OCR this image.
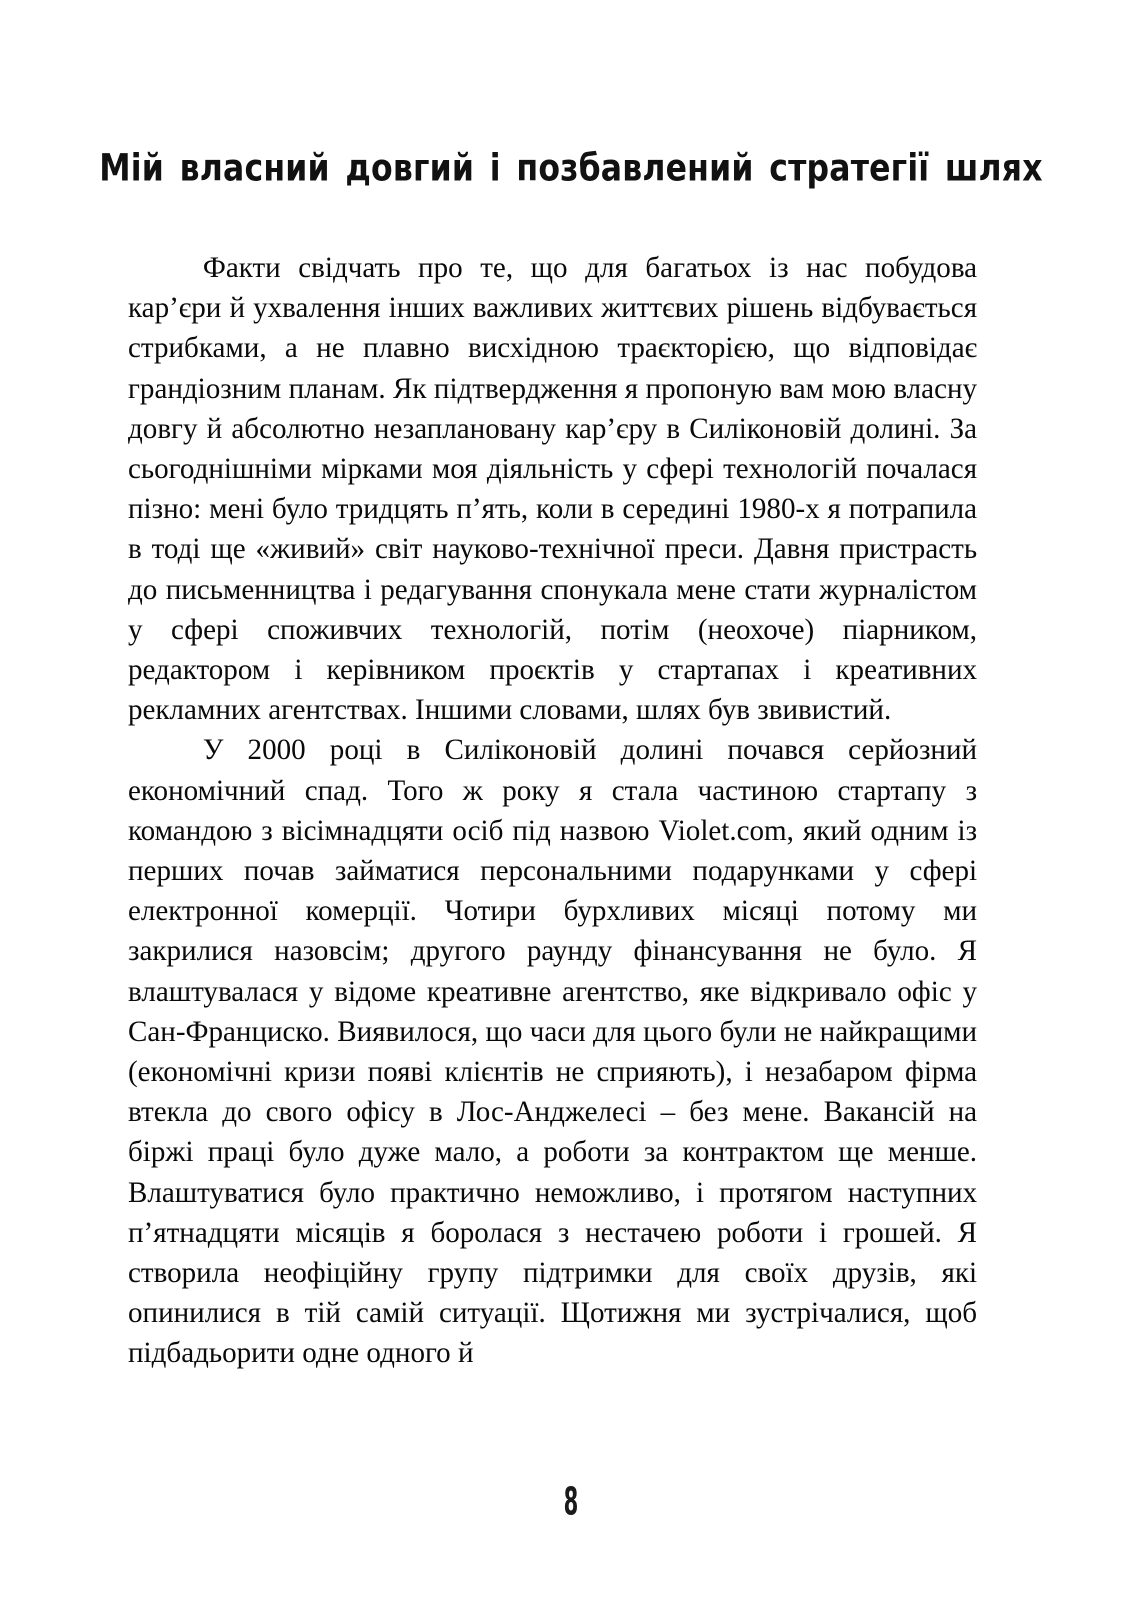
Мій власний довгий і позбавлений стратегії шлях

Факти свідчать про те, що для багатьох із нас побудова кар’єри й ухвалення інших важливих життєвих рішень відбувається стрибками, а не плавно висхідною траєкторією, що відповідає грандіозним планам. Як підтвердження я пропоную вам мою власну довгу й абсолютно незаплановану кар’єру в Силіконовій долині. За сьогоднішніми мірками моя діяльність у сфері технологій почалася пізно: мені було тридцять п’ять, коли в середині 1980-х я потрапила в тоді ще «живий» світ науково-технічної преси. Давня пристрасть до письменництва і редагування спонукала мене стати журналістом у сфері споживчих технологій, потім (неохоче) піарником, редактором і керівником проєктів у стартапах і креативних рекламних агентствах. Іншими словами, шлях був звивистий.

У 2000 році в Силіконовій долині почався серйозний економічний спад. Того ж року я стала частиною стартапу з командою з вісімнадцяти осіб під назвою Violet.com, який одним із перших почав займатися персональними подарунками у сфері електронної комерції. Чотири бурхливих місяці потому ми закрилися назовсім; другого раунду фінансування не було. Я влаштувалася у відоме креативне агентство, яке відкривало офіс у Сан-Франциско. Виявилося, що часи для цього були не найкращими (економічні кризи появі клієнтів не сприяють), і незабаром фірма втекла до свого офісу в Лос-Анджелесі – без мене. Вакансій на біржі праці було дуже мало, а роботи за контрактом ще менше. Влаштуватися було практично неможливо, і протягом наступних п’ятнадцяти місяців я боролася з нестачею роботи і грошей. Я створила неофіційну групу підтримки для своїх друзів, які опинилися в тій самій ситуації. Щотижня ми зустрічалися, щоб підбадьорити одне одного й

8
